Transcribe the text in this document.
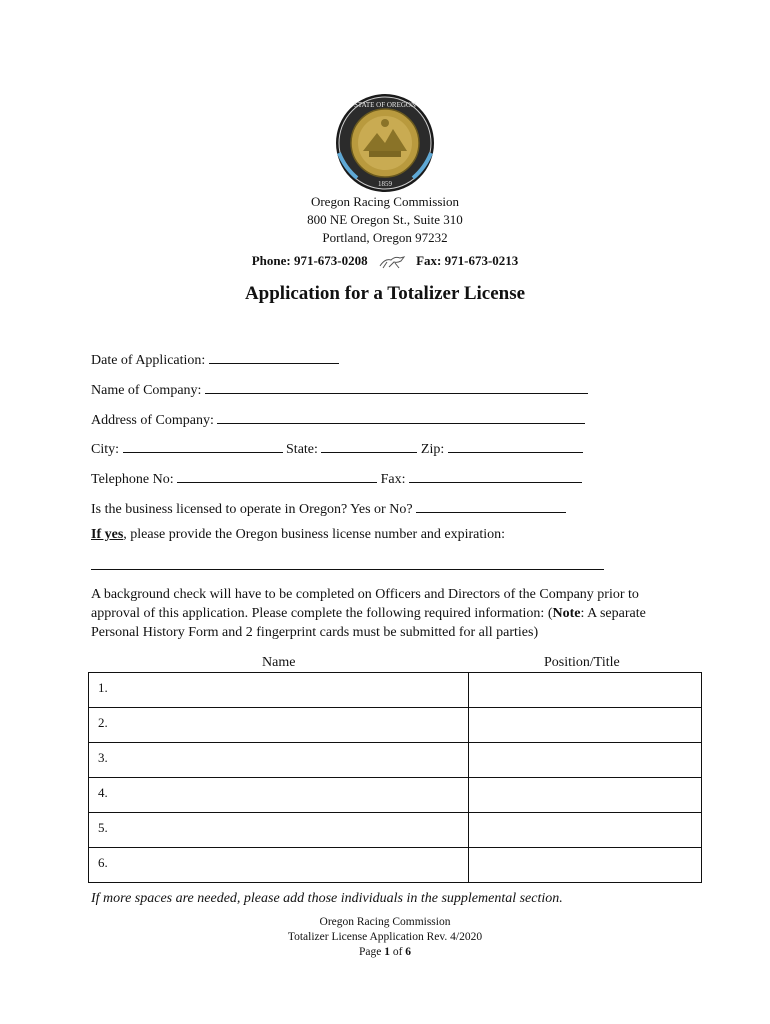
STATE OF OREGON
1859
Oregon Racing Commission
800 NE Oregon St., Suite 310
Portland, Oregon 97232
Phone: 971-673-0208	Fax: 971-673-0213
Application for a Totalizer License
Date of Application:
Name of Company:
Address of Company:
City:	State:	Zip:
Telephone No:	Fax:
Is the business licensed to operate in Oregon? Yes or No?
If yes, please provide the Oregon business license number and expiration:
A background check will have to be completed on Officers and Directors of the Company prior to approval of this application. Please complete the following required information: (Note: A separate Personal History Form and 2 fingerprint cards must be submitted for all parties)
Name	Position/Title
1.	
2.	
3.	
4.	
5.	
6.	
If more spaces are needed, please add those individuals in the supplemental section.
Oregon Racing Commission
Totalizer License Application Rev. 4/2020
Page 1 of 6
